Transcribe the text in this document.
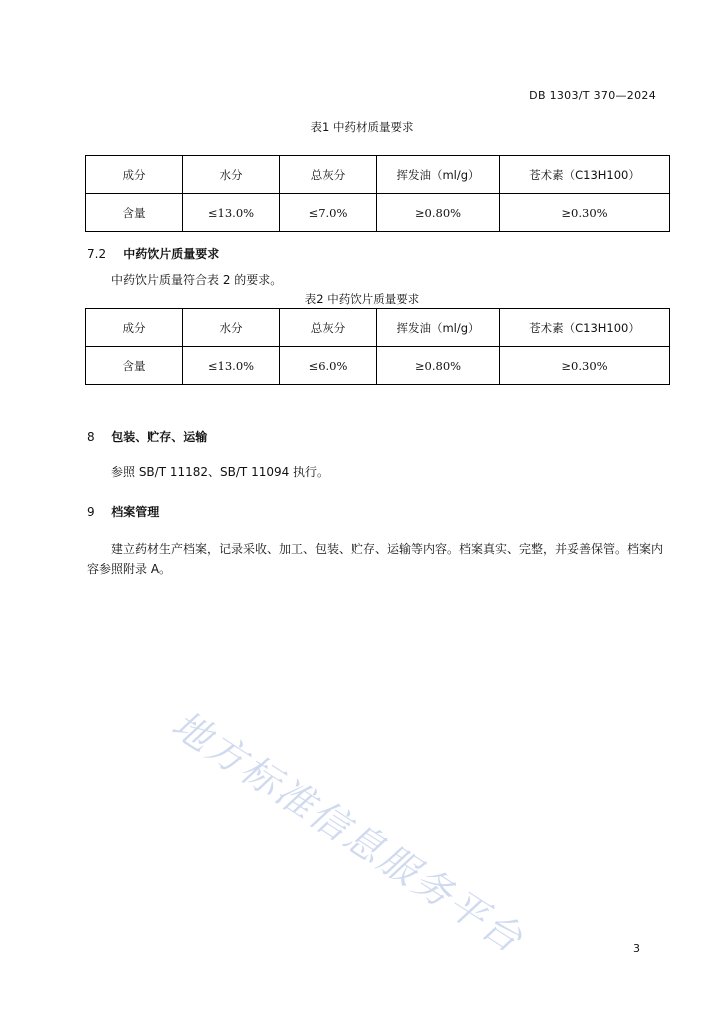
DB 1303/T 370—2024
表1 中药材质量要求
成分	水分	总灰分	挥发油（ml/g）	苍术素（C13H100）
含量	≤13.0%	≤7.0%	≥0.80%	≥0.30%
7.2 中药饮片质量要求
中药饮片质量符合表 2 的要求。
表2 中药饮片质量要求
成分	水分	总灰分	挥发油（ml/g）	苍术素（C13H100）
含量	≤13.0%	≤6.0%	≥0.80%	≥0.30%
8 包装、贮存、运输
参照 SB/T 11182、SB/T 11094 执行。
9 档案管理
建立药材生产档案，记录采收、加工、包装、贮存、运输等内容。档案真实、完整，并妥善保管。档案内容参照附录 A。
地方标准信息服务平台	3
